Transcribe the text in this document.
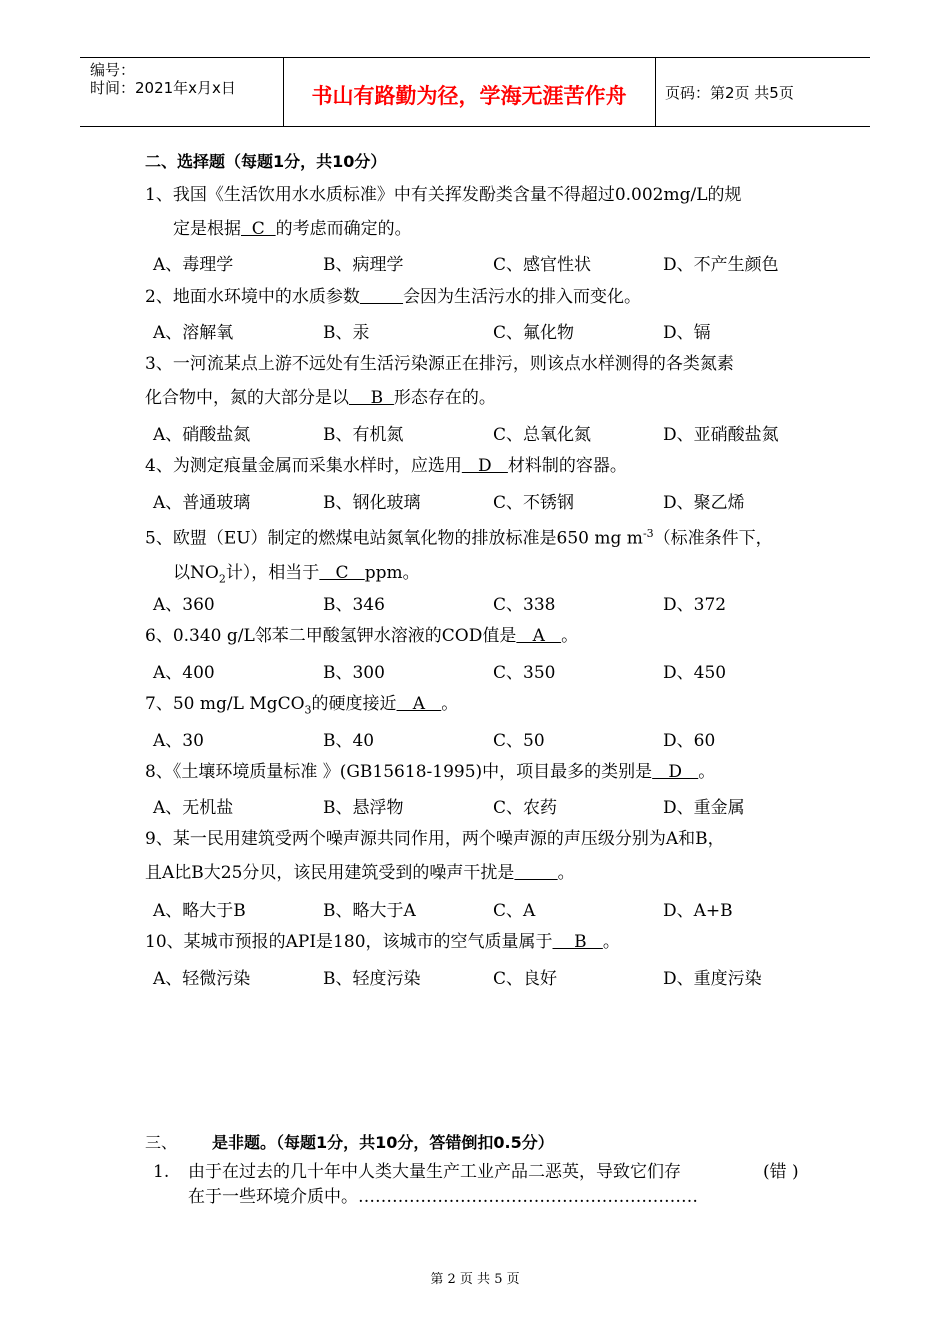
编号：
时间：2021年x月x日	书山有路勤为径，学海无涯苦作舟	页码：第2页 共5页
二、选择题（每题1分，共10分）
1、我国《生活饮用水水质标准》中有关挥发酚类含量不得超过0.002mg/L的规
定是根据  C  的考虑而确定的。
A、毒理学	B、病理学	C、感官性状	D、不产生颜色
2、地面水环境中的水质参数	会因为生活污水的排入而变化。
A、溶解氧	B、汞	C、氟化物	D、镉
3、一河流某点上游不远处有生活污染源正在排污，则该点水样测得的各类氮素
化合物中，氮的大部分是以    B  形态存在的。
A、硝酸盐氮	B、有机氮	C、总氧化氮	D、亚硝酸盐氮
4、为测定痕量金属而采集水样时，应选用   D   材料制的容器。
A、普通玻璃	B、钢化玻璃	C、不锈钢	D、聚乙烯
5、欧盟（EU）制定的燃煤电站氮氧化物的排放标准是650 mg $m^{-3}$（标准条件下，
以$NO_2$计），相当于   C   ppm。
A、360	B、346	C、338	D、372
6、0.340 g/L邻苯二甲酸氢钾水溶液的COD值是   A   。
A、400	B、300	C、350	D、450
7、50 mg/L MgCO$_3$的硬度接近   A   。
A、30	B、40	C、50	D、60
8、《土壤环境质量标准 》(GB15618-1995)中，项目最多的类别是   D   。
A、无机盐	B、悬浮物	C、农药	D、重金属
9、某一民用建筑受两个噪声源共同作用，两个噪声源的声压级分别为A和B，
且A比B大25分贝，该民用建筑受到的噪声干扰是	。
A、略大于B	B、略大于A	C、A	D、A+B
10、某城市预报的API是180，该城市的空气质量属于    B   。
A、轻微污染	B、轻度污染	C、良好	D、重度污染
三、 是非题。（每题1分，共10分，答错倒扣0.5分）
1. 由于在过去的几十年中人类大量生产工业产品二恶英，导致它们存
在于一些环境介质中。……………………………………………………
(错 )
第 2 页 共 5 页
